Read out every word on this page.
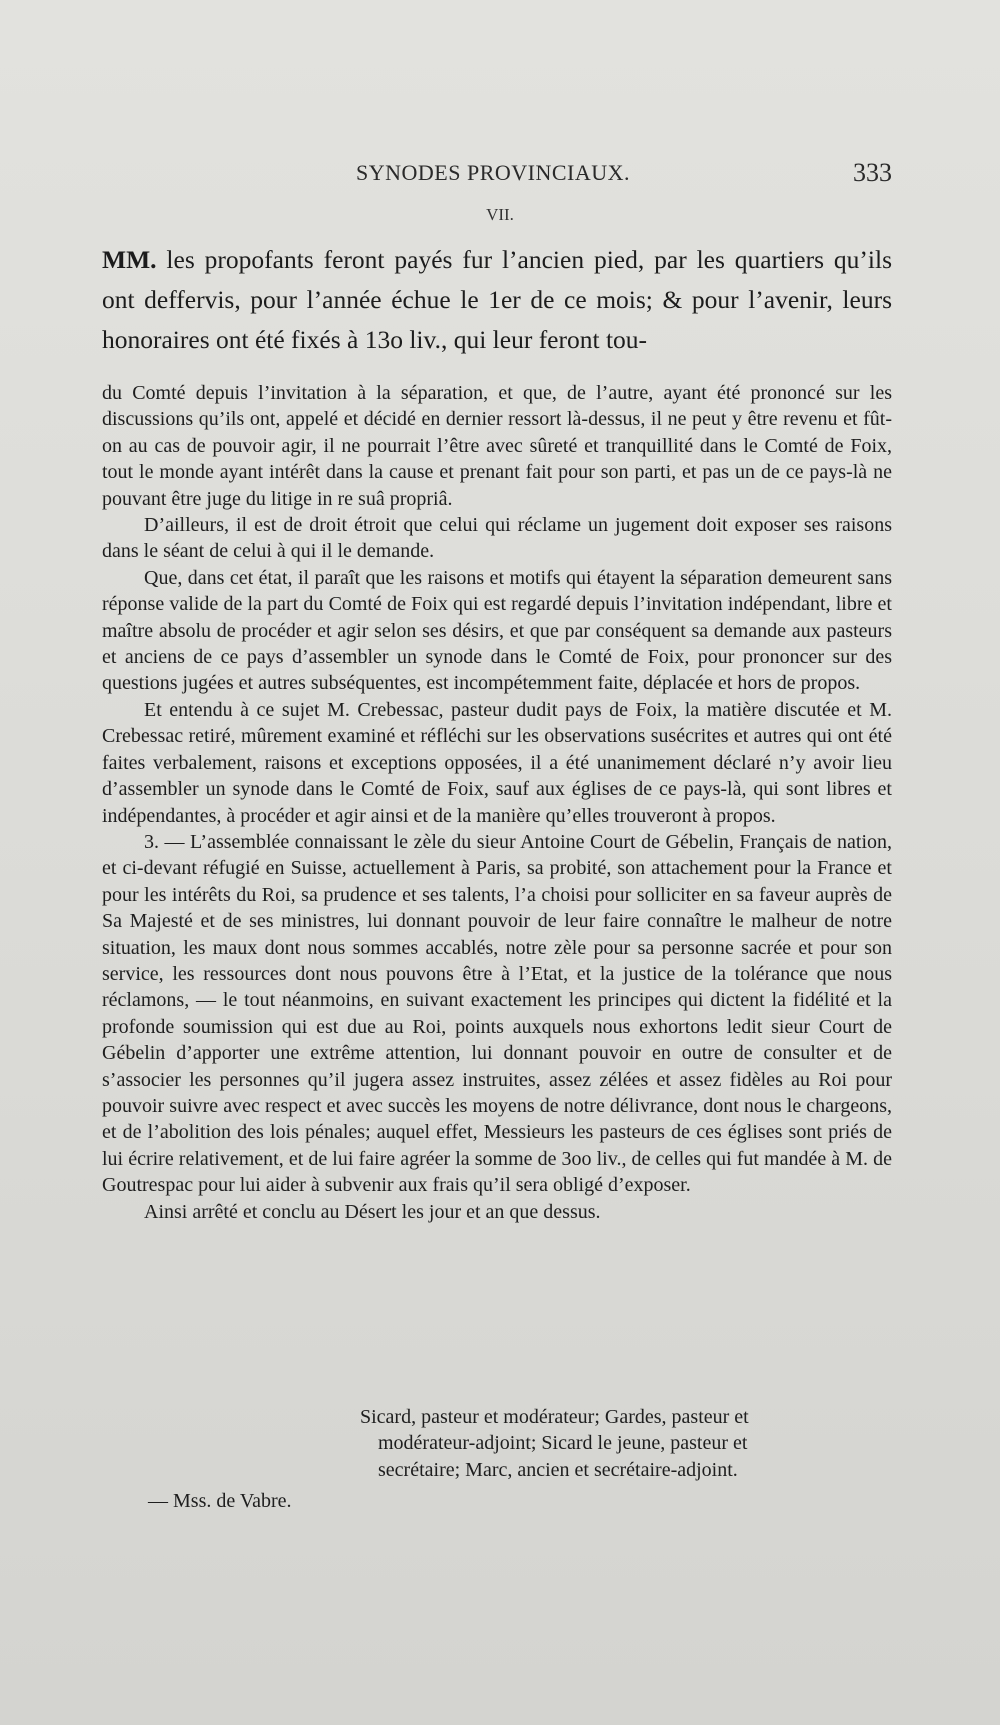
SYNODES PROVINCIAUX.	333
VII.

MM. les propofants feront payés fur l’ancien pied, par les quartiers qu’ils ont deffervis, pour l’année échue le 1er de ce mois; & pour l’avenir, leurs honoraires ont été fixés à 13o liv., qui leur feront tou-

du Comté depuis l’invitation à la séparation, et que, de l’autre, ayant été prononcé sur les discussions qu’ils ont, appelé et décidé en dernier ressort là-dessus, il ne peut y être revenu et fût-on au cas de pouvoir agir, il ne pourrait l’être avec sûreté et tranquillité dans le Comté de Foix, tout le monde ayant intérêt dans la cause et prenant fait pour son parti, et pas un de ce pays-là ne pouvant être juge du litige in re suâ propriâ.

D’ailleurs, il est de droit étroit que celui qui réclame un jugement doit exposer ses raisons dans le séant de celui à qui il le demande.

Que, dans cet état, il paraît que les raisons et motifs qui étayent la séparation demeurent sans réponse valide de la part du Comté de Foix qui est regardé depuis l’invitation indépendant, libre et maître absolu de procéder et agir selon ses désirs, et que par conséquent sa demande aux pasteurs et anciens de ce pays d’assembler un synode dans le Comté de Foix, pour prononcer sur des questions jugées et autres subséquentes, est incompétemment faite, déplacée et hors de propos.

Et entendu à ce sujet M. Crebessac, pasteur dudit pays de Foix, la matière discutée et M. Crebessac retiré, mûrement examiné et réfléchi sur les observations susécrites et autres qui ont été faites verbalement, raisons et exceptions opposées, il a été unanimement déclaré n’y avoir lieu d’assembler un synode dans le Comté de Foix, sauf aux églises de ce pays-là, qui sont libres et indépendantes, à procéder et agir ainsi et de la manière qu’elles trouveront à propos.

3. — L’assemblée connaissant le zèle du sieur Antoine Court de Gébelin, Français de nation, et ci-devant réfugié en Suisse, actuellement à Paris, sa probité, son attachement pour la France et pour les intérêts du Roi, sa prudence et ses talents, l’a choisi pour solliciter en sa faveur auprès de Sa Majesté et de ses ministres, lui donnant pouvoir de leur faire connaître le malheur de notre situation, les maux dont nous sommes accablés, notre zèle pour sa personne sacrée et pour son service, les ressources dont nous pouvons être à l’Etat, et la justice de la tolérance que nous réclamons, — le tout néanmoins, en suivant exactement les principes qui dictent la fidélité et la profonde soumission qui est due au Roi, points auxquels nous exhortons ledit sieur Court de Gébelin d’apporter une extrême attention, lui donnant pouvoir en outre de consulter et de s’associer les personnes qu’il jugera assez instruites, assez zélées et assez fidèles au Roi pour pouvoir suivre avec respect et avec succès les moyens de notre délivrance, dont nous le chargeons, et de l’abolition des lois pénales; auquel effet, Messieurs les pasteurs de ces églises sont priés de lui écrire relativement, et de lui faire agréer la somme de 3oo liv., de celles qui fut mandée à M. de Goutrespac pour lui aider à subvenir aux frais qu’il sera obligé d’exposer.

Ainsi arrêté et conclu au Désert les jour et an que dessus.

Sicard, pasteur et modérateur; Gardes, pasteur et
modérateur-adjoint; Sicard le jeune, pasteur et
secrétaire; Marc, ancien et secrétaire-adjoint.
— Mss. de Vabre.
